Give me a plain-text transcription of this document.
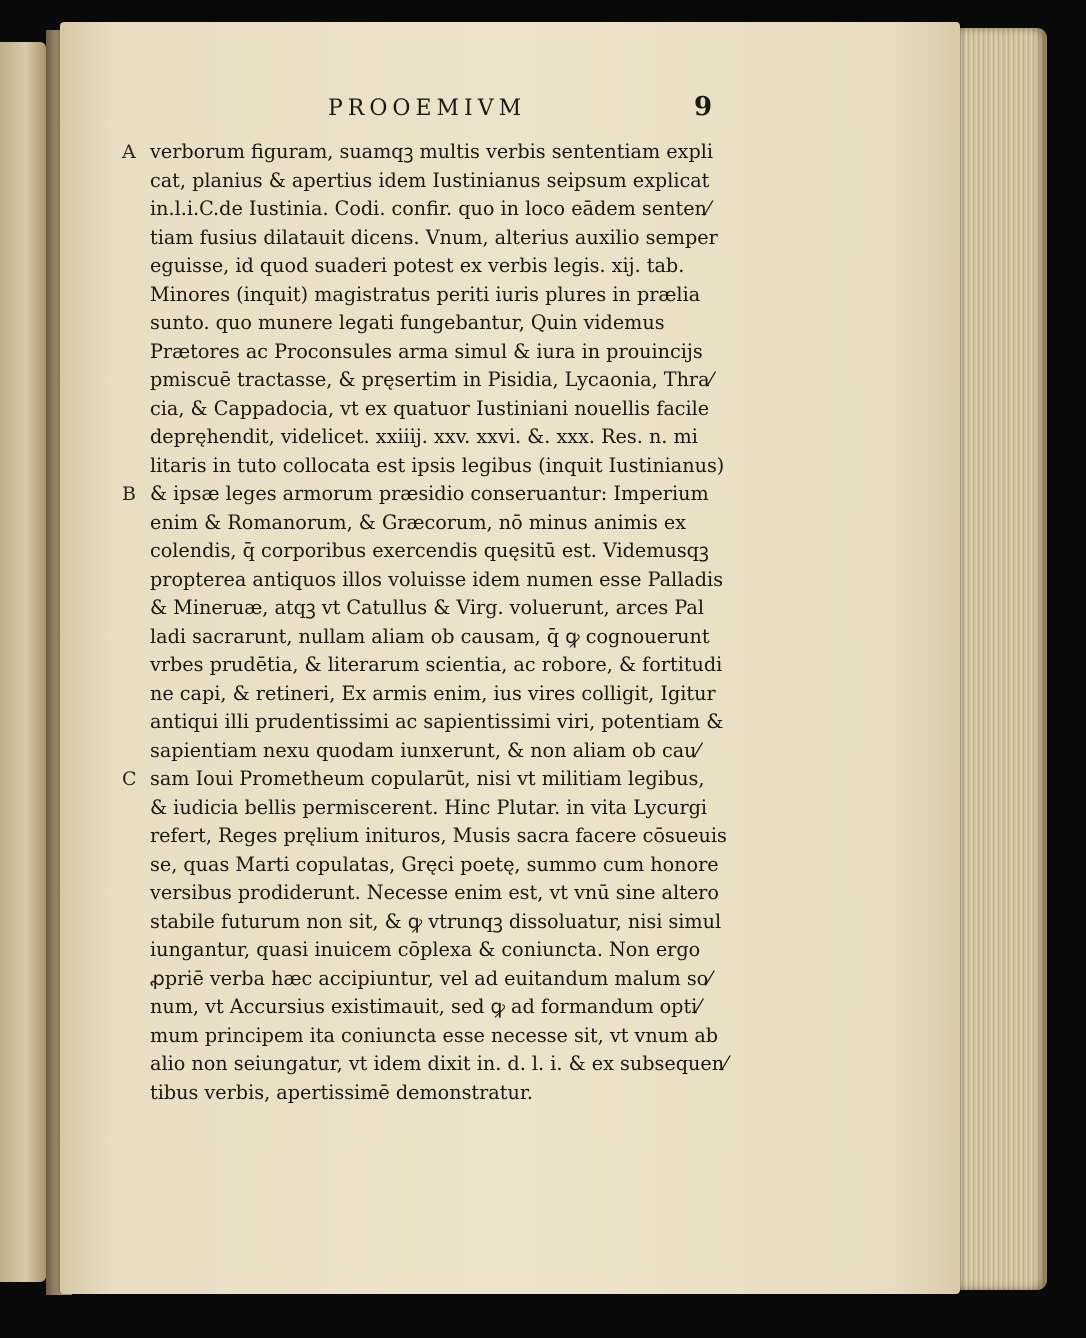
PROOEMIVM	9
A verborum figuram, suamqꝫ multis verbis sententiam expli
cat, planius & apertius idem Iustinianus seipsum explicat
in.l.i.C.de Iustinia. Codi. confir. quo in loco eādem senten⁄
tiam fusius dilatauit dicens. Vnum, alterius auxilio semper
eguisse, id quod suaderi potest ex verbis legis. xij. tab.
Minores (inquit) magistratus periti iuris plures in prælia
sunto. quo munere legati fungebantur, Quin videmus
Prætores ac Proconsules arma simul & iura in prouincijs
pmiscuē tractasse, & pręsertim in Pisidia, Lycaonia, Thra⁄
cia, & Cappadocia, vt ex quatuor Iustiniani nouellis facile
depręhendit, videlicet. xxiiij. xxv. xxvi. &. xxx. Res. n. mi
litaris in tuto collocata est ipsis legibus (inquit Iustinianus)
B & ipsæ leges armorum præsidio conseruantur: Imperium
enim & Romanorum, & Græcorum, nō minus animis ex
colendis, q̄ corporibus exercendis quęsitū est. Videmusqꝫ
propterea antiquos illos voluisse idem numen esse Palladis
& Mineruæ, atqꝫ vt Catullus & Virg. voluerunt, arces Pal
ladi sacrarunt, nullam aliam ob causam, q̄ ꝙ cognouerunt
vrbes prudētia, & literarum scientia, ac robore, & fortitudi
ne capi, & retineri, Ex armis enim, ius vires colligit, Igitur
antiqui illi prudentissimi ac sapientissimi viri, potentiam &
sapientiam nexu quodam iunxerunt, & non aliam ob cau⁄
C sam Ioui Prometheum copularūt, nisi vt militiam legibus,
& iudicia bellis permiscerent. Hinc Plutar. in vita Lycurgi
refert, Reges pręlium inituros, Musis sacra facere cōsueuis
se, quas Marti copulatas, Gręci poetę, summo cum honore
versibus prodiderunt. Necesse enim est, vt vnū sine altero
stabile futurum non sit, & ꝙ vtrunqꝫ dissoluatur, nisi simul
iungantur, quasi inuicem cōplexa & coniuncta. Non ergo
ꝓpriē verba hæc accipiuntur, vel ad euitandum malum so⁄
num, vt Accursius existimauit, sed ꝙ ad formandum opti⁄
mum principem ita coniuncta esse necesse sit, vt vnum ab
alio non seiungatur, vt idem dixit in. d. l. i. & ex subsequen⁄
tibus verbis, apertissimē demonstratur.
